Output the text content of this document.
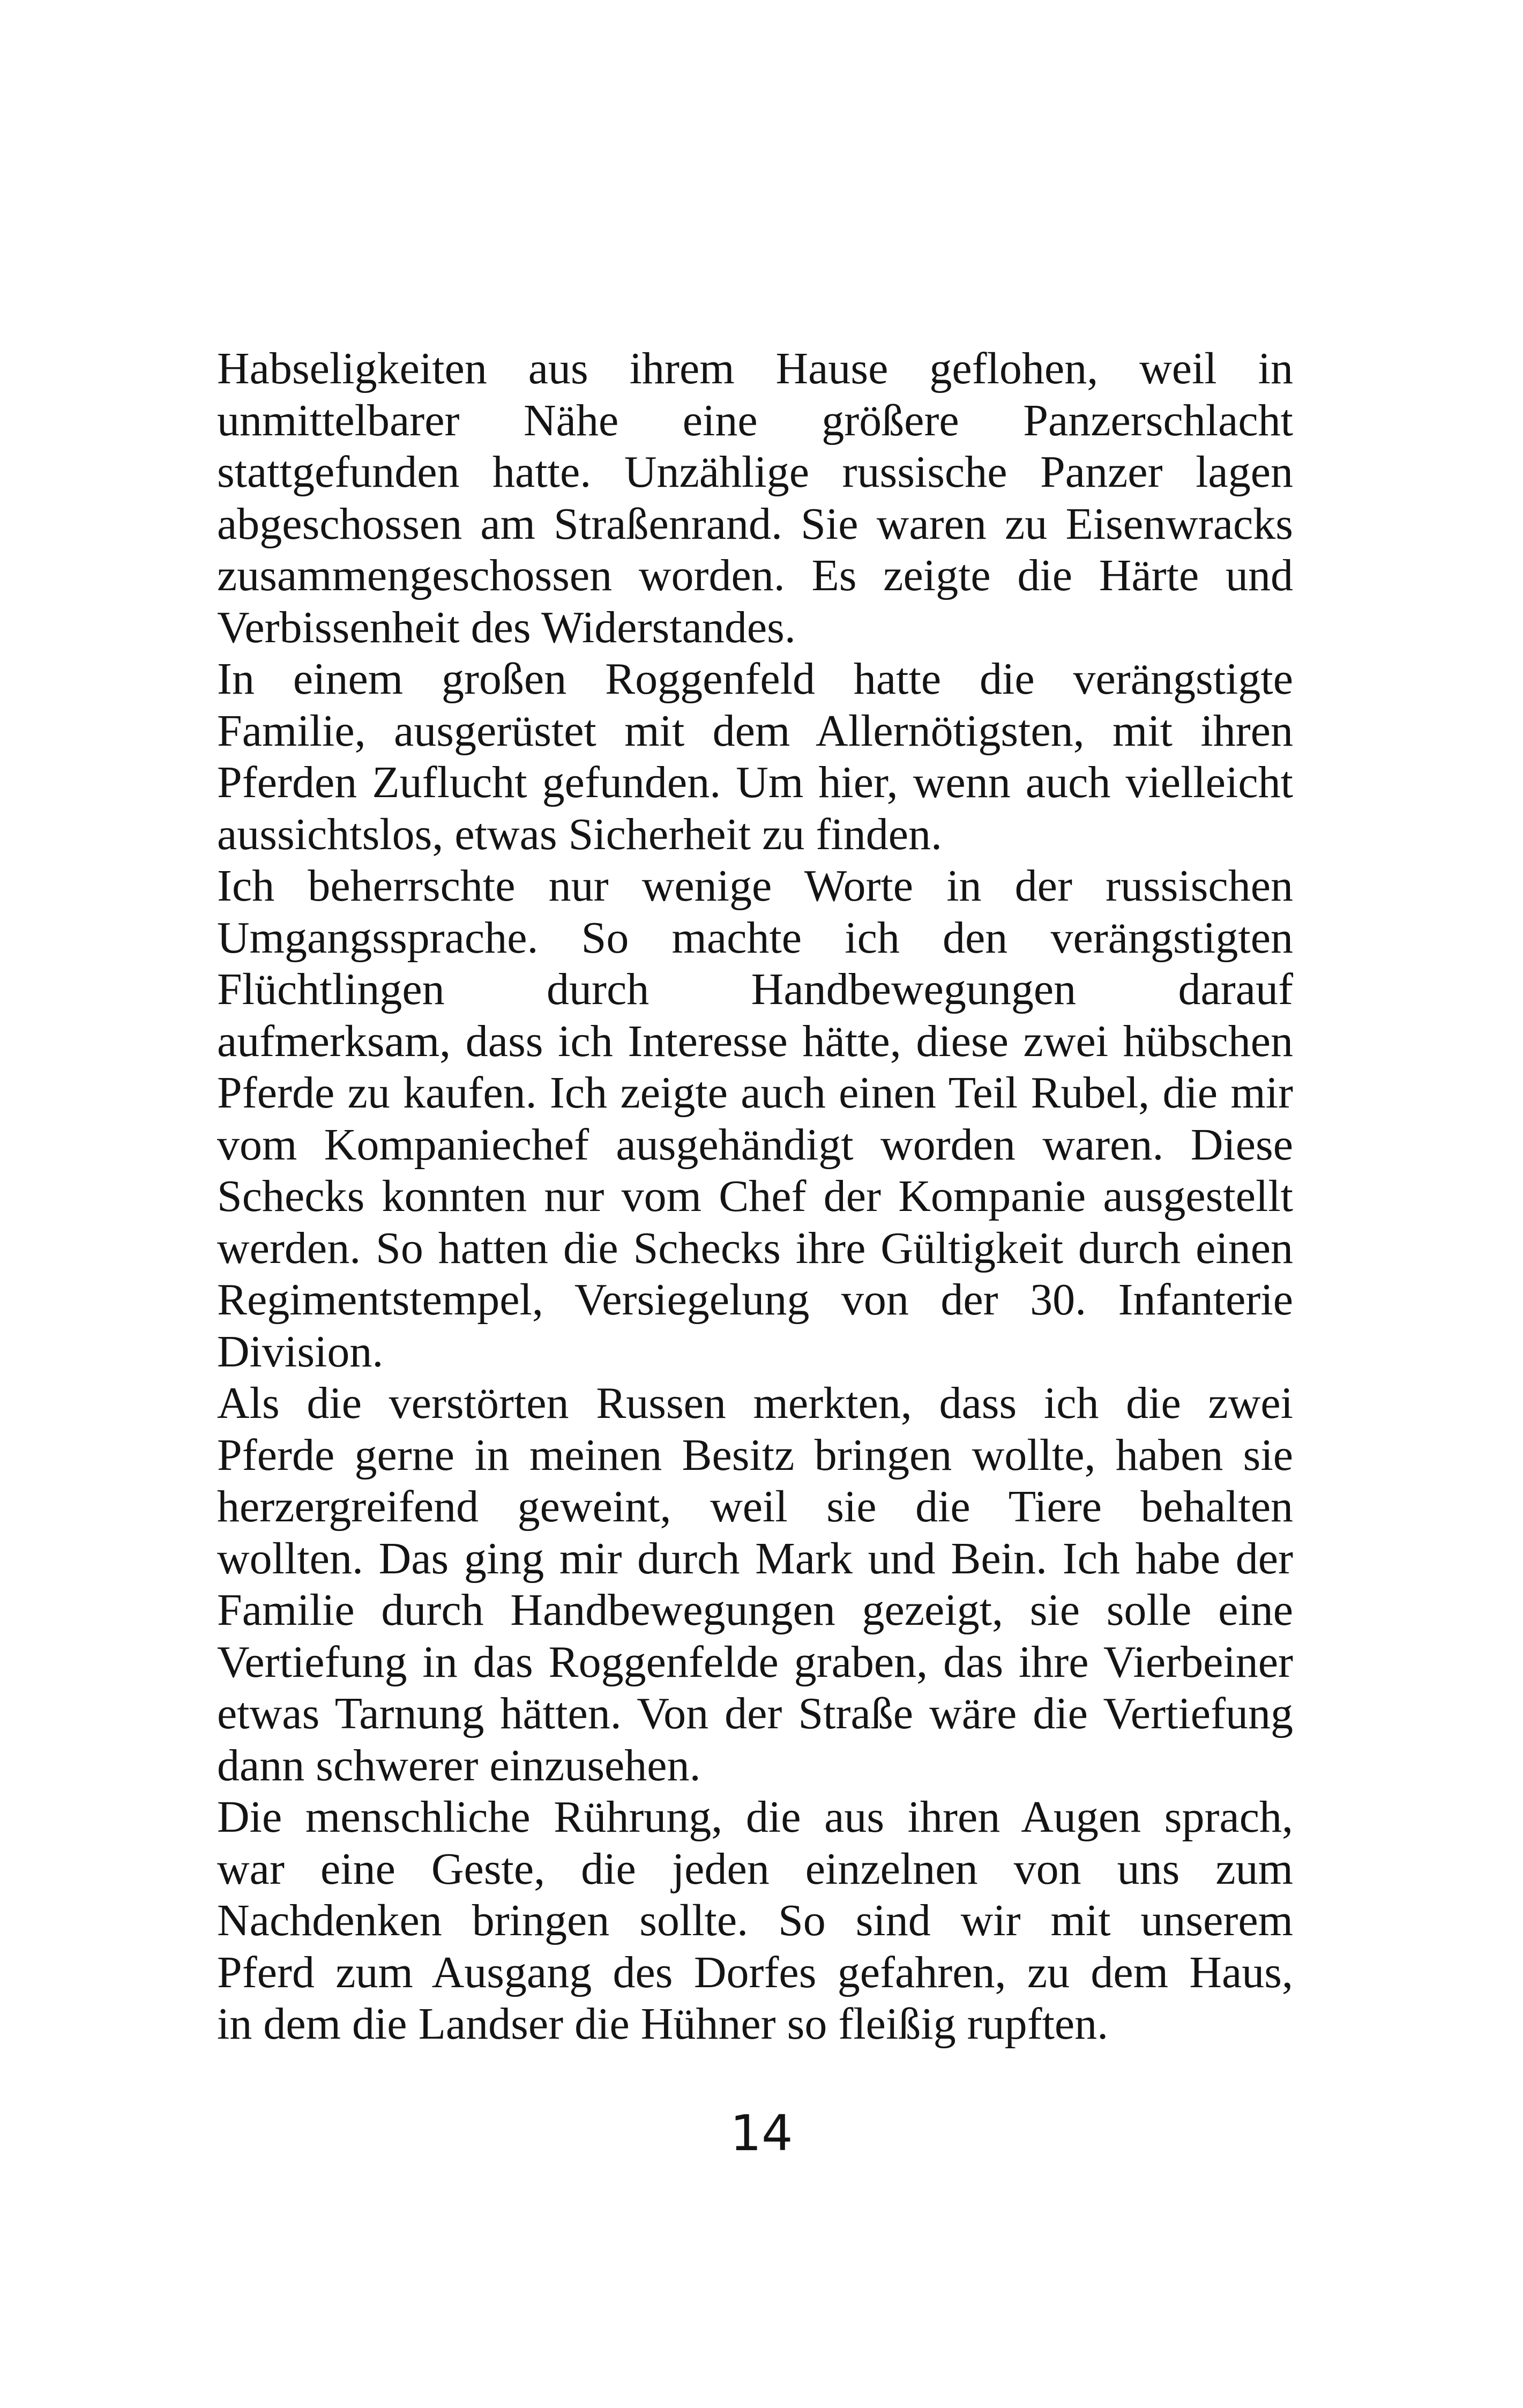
Habseligkeiten aus ihrem Hause geflohen, weil in
unmittelbarer Nähe eine größere Panzerschlacht
stattgefunden hatte. Unzählige russische Panzer lagen
abgeschossen am Straßenrand. Sie waren zu Eisenwracks
zusammengeschossen worden. Es zeigte die Härte und
Verbissenheit des Widerstandes.
In einem großen Roggenfeld hatte die verängstigte
Familie, ausgerüstet mit dem Allernötigsten, mit ihren
Pferden Zuflucht gefunden. Um hier, wenn auch vielleicht
aussichtslos, etwas Sicherheit zu finden.
Ich beherrschte nur wenige Worte in der russischen
Umgangssprache. So machte ich den verängstigten
Flüchtlingen durch Handbewegungen darauf
aufmerksam, dass ich Interesse hätte, diese zwei hübschen
Pferde zu kaufen. Ich zeigte auch einen Teil Rubel, die mir
vom Kompaniechef ausgehändigt worden waren. Diese
Schecks konnten nur vom Chef der Kompanie ausgestellt
werden. So hatten die Schecks ihre Gültigkeit durch einen
Regimentstempel, Versiegelung von der 30. Infanterie
Division.
Als die verstörten Russen merkten, dass ich die zwei
Pferde gerne in meinen Besitz bringen wollte, haben sie
herzergreifend geweint, weil sie die Tiere behalten
wollten. Das ging mir durch Mark und Bein. Ich habe der
Familie durch Handbewegungen gezeigt, sie solle eine
Vertiefung in das Roggenfelde graben, das ihre Vierbeiner
etwas Tarnung hätten. Von der Straße wäre die Vertiefung
dann schwerer einzusehen.
Die menschliche Rührung, die aus ihren Augen sprach,
war eine Geste, die jeden einzelnen von uns zum
Nachdenken bringen sollte. So sind wir mit unserem
Pferd zum Ausgang des Dorfes gefahren, zu dem Haus,
in dem die Landser die Hühner so fleißig rupften.
14
